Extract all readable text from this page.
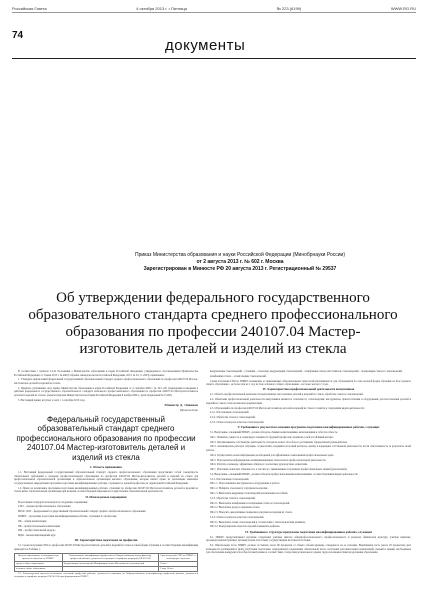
Российская Газета	4 октября 2013 г. • Пятница	№ 223 (6199)	WWW.RG.RU
74
документы
Приказ Министерства образования и науки Российской Федерации (Минобрнауки России)
от 2 августа 2013 г. № 602 г. Москва
Зарегистрирован в Минюсте РФ 20 августа 2013 г. Регистрационный № 29537
Об утверждении федерального государственного образовательного стандарта среднего профессионального образования по профессии 240107.04 Мастер-изготовитель деталей и изделий из стекла

В соответствии с пунктом 5.2.41 Положения о Министерстве образования и науки Российской Федерации, утвержденного постановлением Правительства Российской Федерации от 3 июня 2013 г. № 466 (Собрание законодательства Российской Федерации, 2013, № 23, ст. 2923), приказываю:

1. Утвердить прилагаемый федеральный государственный образовательный стандарт среднего профессионального образования по профессии 240107.04 Мастер-изготовитель деталей и изделий из стекла.

2. Признать утратившим силу приказ Министерства образования и науки Российской Федерации от 2 сентября 2009 г. № 323 «Об утверждении и введении в действие федерального государственного образовательного стандарта начального профессионального образования по профессии 240107.04 Мастер-изготовитель деталей и изделий из стекла» (зарегистрирован Министерством юстиции Российской Федерации 6 ноября 2009 г., регистрационный № 15196).

3. Настоящий приказ вступает в силу с 1 сентября 2013 года.

Министр Д. Ливанов
Приложение
Федеральный государственный образовательный стандарт среднего профессионального образования по профессии 240107.04 Мастер-изготовитель деталей и изделий из стекла
I. Область применения

1.1. Настоящий федеральный государственный образовательный стандарт среднего профессионального образования представляет собой совокупность обязательных требований к среднему профессиональному образованию по профессии 240107.04 Мастер-изготовитель деталей и изделий из стекла для профессиональной образовательной организации и образовательной организации высшего образования, которые имеют право на реализацию имеющих государственную аккредитацию программ подготовки квалифицированных рабочих, служащих по данной профессии, на территории Российской Федерации.

1.2. Право на реализацию программы подготовки квалифицированных рабочих, служащих по профессии 240107.04 Мастер-изготовитель деталей и изделий из стекла имеет образовательная организация при наличии соответствующей лицензии на осуществление образовательной деятельности.

II. Используемые сокращения

В настоящем стандарте используются следующие сокращения:

СПО – среднее профессиональное образование;

ФГОС СПО – федеральный государственный образовательный стандарт среднего профессионального образования;

ППКРС – программа подготовки квалифицированных рабочих, служащих по профессии;

ОК – общая компетенция;

ПК – профессиональная компетенция;

ПМ – профессиональный модуль;

МДК – междисциплинарный курс.

III. Характеристика подготовки по профессии

3.1. Сроки получения СПО по профессии 240107.04 Мастер-изготовитель деталей и изделий из стекла в очной форме обучения и соответствующие квалификации приводятся в Таблице 1.

Уровень образования, необходимый для приема на обучение по ППКРС	Наименование квалификации (профессий по Общероссийскому классификатору профессий рабочих, должностей служащих и тарифных разрядов) (ОК 016-94)	Срок получения СПО по ППКРС в очной форме обучения
среднее общее образование	Выдувальщик стеклоизделий Шлифовщик стекла Изготовитель стеклоизделий	10 мес.
основное общее образование		2 года 10 мес.

3.2. Рекомендуемый перечень возможных сочетаний профессий рабочих, должностей служащих по Общероссийскому классификатору профессий рабочих, должностей служащих и тарифных разрядов (ОК 016-94) при формировании ППКРС.

выдувальщик стеклоизделий – гутенщик – стекловар; выдувальщик стеклоизделий – шлифовщик стекла; изготовитель стеклоизделий – полировщик стекла и стеклоизделий;

шлифовщик стекла – отжигальщик стеклоизделий.

Сроки получения СПО по ППКРС независимо от применяемых образовательных технологий увеличиваются: для обучающихся по очно-заочной форме обучения: на базе среднего общего образования – не более чем на 1 год; на базе основного общего образования – не более чем на 1,5 года.

IV. Характеристика профессиональной деятельности выпускников

4.1. Область профессиональной деятельности выпускников: изготовление деталей и изделий из стекла, обработка стекла и стеклоизделий.

4.2. Объектами профессиональной деятельности выпускников являются: стекломасса; стеклоизделия; инструменты, приспособления и оборудование для изготовления деталей и изделий из стекла; технологическая документация.

4.3. Обучающийся по профессии 240107.04 Мастер-изготовитель деталей и изделий из стекла готовится к следующим видам деятельности:

4.3.1. Изготовление стеклоизделий.

4.3.2. Обработка стекла и стеклоизделий.

4.3.3. Отжиг и контроль качества стеклоизделий.

V. Требования к результатам освоения программы подготовки квалифицированных рабочих, служащих

5.1. Выпускник, освоивший ППКРС, должен обладать общими компетенциями, включающими в себя способность:

ОК 1. Понимать сущность и социальную значимость будущей профессии, проявлять к ней устойчивый интерес.

ОК 2. Организовывать собственную деятельность, исходя из цели и способов ее достижения, определенных руководителем.

ОК 3. Анализировать рабочую ситуацию, осуществлять текущий и итоговый контроль, оценку и коррекцию собственной деятельности, нести ответственность за результаты своей работы.

ОК 4. Осуществлять поиск информации, необходимой для эффективного выполнения профессиональных задач.

ОК 5. Использовать информационно-коммуникационные технологии в профессиональной деятельности.

ОК 6. Работать в команде, эффективно общаться с коллегами, руководством, клиентами.

ОК 7. Исполнять воинскую обязанность, в том числе с применением полученных профессиональных знаний (для юношей).

5.2. Выпускник, освоивший ППКРС, должен обладать профессиональными компетенциями, соответствующими видам деятельности:

5.2.1. Изготовление стеклоизделий.

ПК 1.1. Подготавливать инструменты и оборудование к работе.

ПК 1.2. Набирать стекломассу и формовать изделия.

ПК 1.3. Выполнять выдувание стеклоизделий различными способами.

5.2.2. Обработка стекла и стеклоизделий.

ПК 2.1. Выполнять шлифование и полирование стекла и стеклоизделий.

ПК 2.2. Выполнять резку и сверление стекла.

ПК 2.3. Наносить декоративные покрытия и рисунки на изделия из стекла.

5.2.3. Отжиг и контроль качества стеклоизделий.

ПК 3.1. Выполнять отжиг стеклоизделий в соответствии с технологическим режимом.

ПК 3.2. Контролировать качество изделий и выявлять дефекты.

VI. Требования к структуре программы подготовки квалифицированных рабочих, служащих

6.1. ППКРС предусматривает изучение следующих учебных циклов: общепрофессионального; профессионального и разделов: физическая культура; учебная практика; производственная практика; промежуточная аттестация; государственная итоговая аттестация.

6.2. Обязательная часть ППКРС должна составлять около 80 процентов от общего объема времени, отведенного на ее освоение. Вариативная часть (около 20 процентов) дает возможность расширения и (или) углубления подготовки, определяемой содержанием обязательной части, получения дополнительных компетенций, умений и знаний, необходимых для обеспечения конкурентоспособности выпускника в соответствии с запросами регионального рынка труда и возможностями продолжения образования.
